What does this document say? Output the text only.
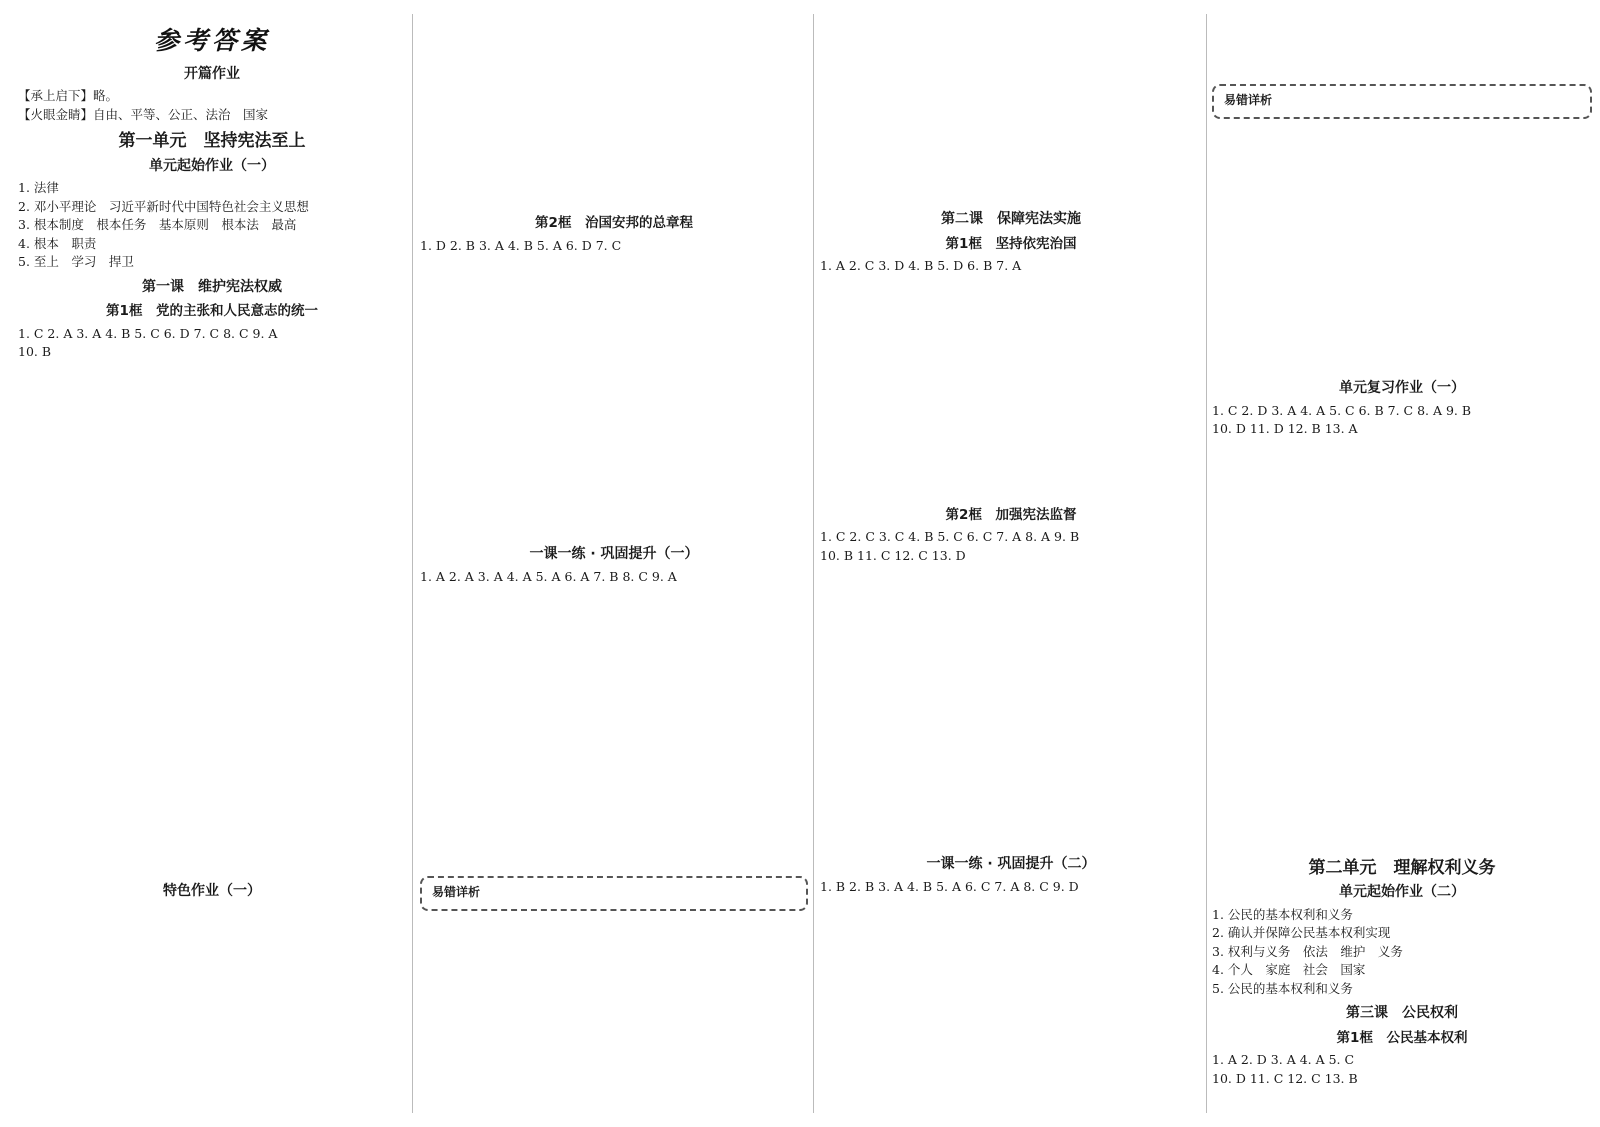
参考答案
开篇作业

【承上启下】略。

【火眼金睛】自由、平等、公正、法治　国家

第一单元　坚持宪法至上
单元起始作业（一）

1. 法律

2. 邓小平理论　习近平新时代中国特色社会主义思想

3. 根本制度　根本任务　基本原则　根本法　最高

4. 根本　职责

5. 至上　学习　捍卫

第一课　维护宪法权威
第1框　党的主张和人民意志的统一

1. C 2. A 3. A 4. B 5. C 6. D 7. C 8. C 9. A

10. B

特色作业（一）
第2框　治国安邦的总章程

1. D 2. B 3. A 4. B 5. A 6. D 7. C

一课一练 · 巩固提升（一）

1. A 2. A 3. A 4. A 5. A 6. A 7. B 8. C 9. A

易错详析
第二课　保障宪法实施
第1框　坚持依宪治国

1. A 2. C 3. D 4. B 5. D 6. B 7. A

第2框　加强宪法监督

1. C 2. C 3. C 4. B 5. C 6. C 7. A 8. A 9. B

10. B 11. C 12. C 13. D

一课一练 · 巩固提升（二）

1. B 2. B 3. A 4. B 5. A 6. C 7. A 8. C 9. D

易错详析
单元复习作业（一）

1. C 2. D 3. A 4. A 5. C 6. B 7. C 8. A 9. B

10. D 11. D 12. B 13. A

第二单元　理解权利义务
单元起始作业（二）

1. 公民的基本权利和义务

2. 确认并保障公民基本权利实现

3. 权利与义务　依法　维护　义务

4. 个人　家庭　社会　国家

5. 公民的基本权利和义务

第三课　公民权利
第1框　公民基本权利

1. A 2. D 3. A 4. A 5. C

10. D 11. C 12. C 13. B
